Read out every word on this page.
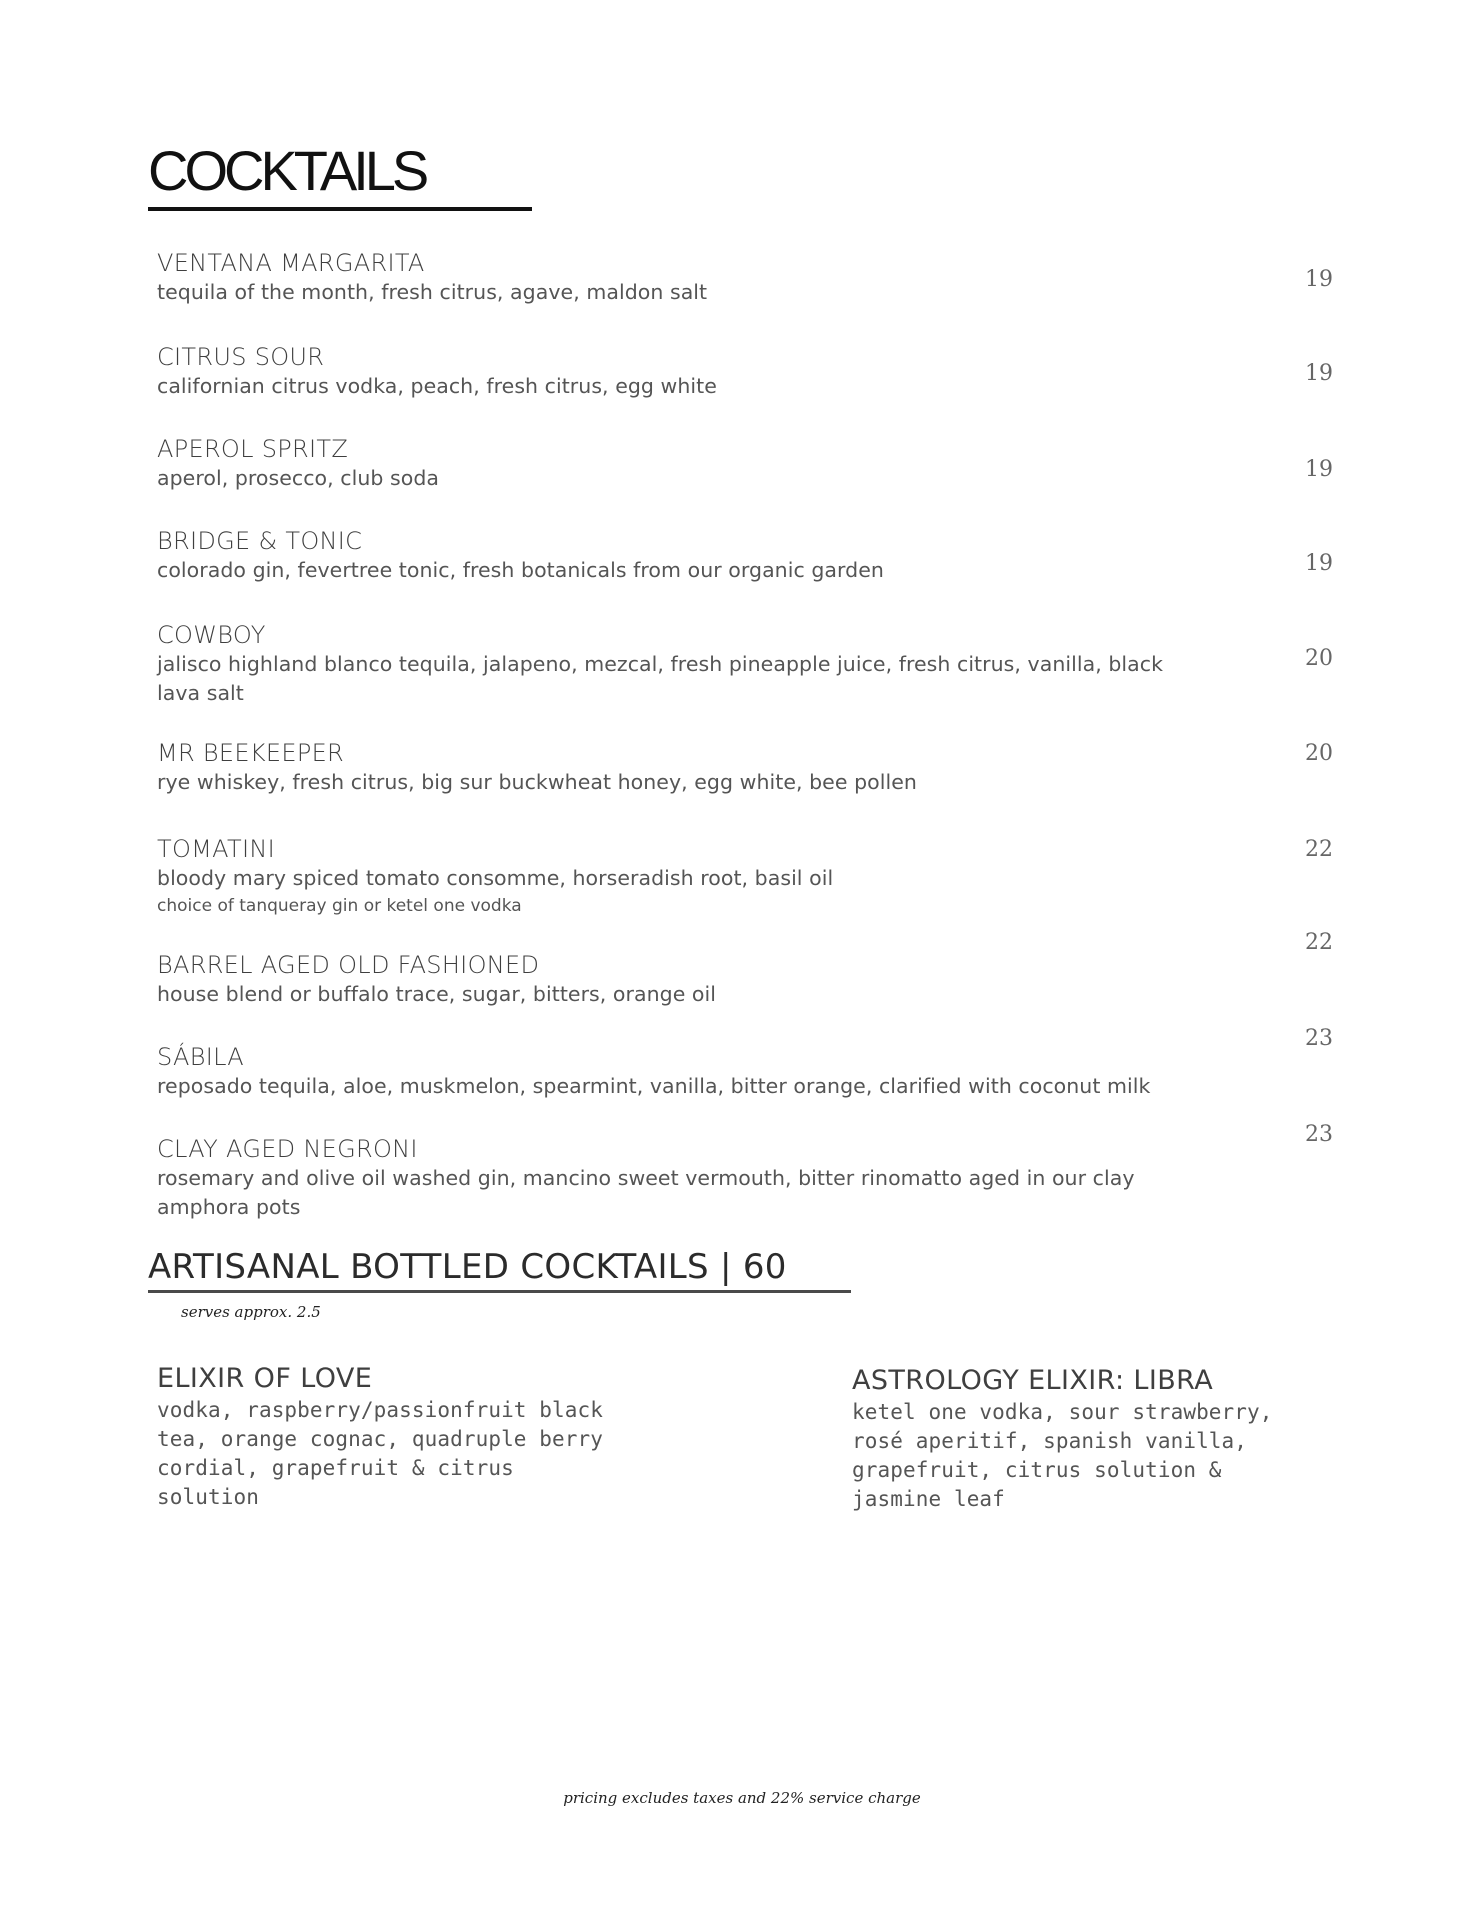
COCKTAILS
VENTANA MARGARITA
tequila of the month, fresh citrus, agave, maldon salt	19
CITRUS SOUR
californian citrus vodka, peach, fresh citrus, egg white	19
APEROL SPRITZ
aperol, prosecco, club soda	19
BRIDGE & TONIC
colorado gin, fevertree tonic, fresh botanicals from our organic garden	19
COWBOY
jalisco highland blanco tequila, jalapeno, mezcal, fresh pineapple juice, fresh citrus, vanilla, black lava salt
20
MR BEEKEEPER
rye whiskey, fresh citrus, big sur buckwheat honey, egg white, bee pollen
20
TOMATINI
bloody mary spiced tomato consomme, horseradish root, basil oil
choice of tanqueray gin or ketel one vodka
22
BARREL AGED OLD FASHIONED
house blend or buffalo trace, sugar, bitters, orange oil
22
SÁBILA
reposado tequila, aloe, muskmelon, spearmint, vanilla, bitter orange, clarified with coconut milk
23
CLAY AGED NEGRONI
rosemary and olive oil washed gin, mancino sweet vermouth, bitter rinomatto aged in our clay amphora pots
23
ARTISANAL BOTTLED COCKTAILS | 60
serves approx. 2.5
ELIXIR OF LOVE
vodka, raspberry/passionfruit black tea, orange cognac, quadruple berry cordial, grapefruit & citrus solution
ASTROLOGY ELIXIR: LIBRA
ketel one vodka, sour strawberry, rosé aperitif, spanish vanilla, grapefruit, citrus solution & jasmine leaf
pricing excludes taxes and 22% service charge
